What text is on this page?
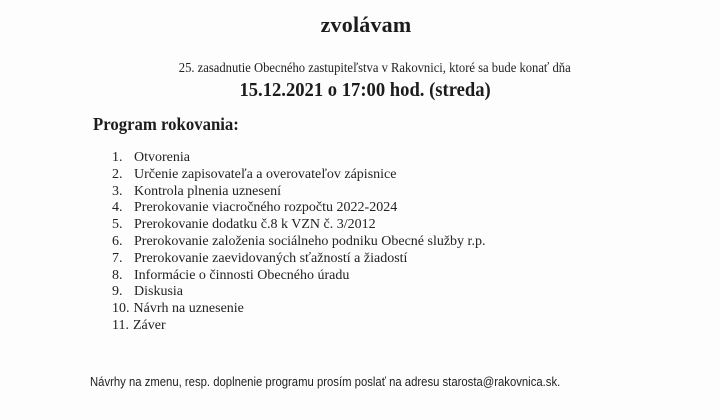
zvolávam
25. zasadnutie Obecného zastupiteľstva v Rakovnici, ktoré sa bude konať dňa
15.12.2021 o 17:00 hod. (streda)
Program rokovania:
1. Otvorenia
2. Určenie zapisovateľa a overovateľov zápisnice
3. Kontrola plnenia uznesení
4. Prerokovanie viacročného rozpočtu 2022-2024
5. Prerokovanie dodatku č.8 k VZN č. 3/2012
6. Prerokovanie založenia sociálneho podniku Obecné služby r.p.
7. Prerokovanie zaevidovaných sťažností a žiadostí
8. Informácie o činnosti Obecného úradu
9. Diskusia
10. Návrh na uznesenie
11. Záver
Návrhy na zmenu, resp. doplnenie programu prosím poslať na adresu starosta@rakovnica.sk.
